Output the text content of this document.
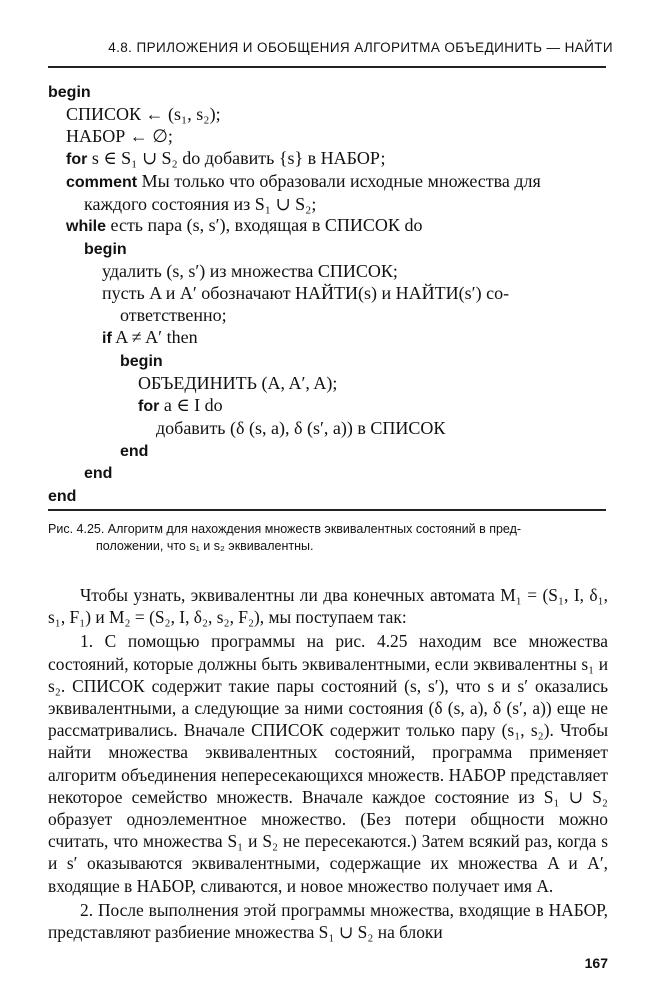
4.8. ПРИЛОЖЕНИЯ И ОБОБЩЕНИЯ АЛГОРИТМА ОБЪЕДИНИТЬ — НАЙТИ
begin
СПИСОК ← (s₁, s₂);
НАБОР ← ∅;
for s ∈ S₁ ∪ S₂ do добавить {s} в НАБОР;
comment Мы только что образовали исходные множества для
каждого состояния из S₁ ∪ S₂;
while есть пара (s, s′), входящая в СПИСОК do
begin
удалить (s, s′) из множества СПИСОК;
пусть A и A′ обозначают НАЙТИ(s) и НАЙТИ(s′) со-
ответственно;
if A ≠ A′ then
begin
ОБЪЕДИНИТЬ (A, A′, A);
for a ∈ I do
добавить (δ (s, a), δ (s′, a)) в СПИСОК
end
end
end
Рис. 4.25. Алгоритм для нахождения множеств эквивалентных состояний в пред-
положении, что s₁ и s₂ эквивалентны.

Чтобы узнать, эквивалентны ли два конечных автомата M₁ = (S₁, I, δ₁, s₁, F₁) и M₂ = (S₂, I, δ₂, s₂, F₂), мы поступаем так:

1. С помощью программы на рис. 4.25 находим все множества состояний, которые должны быть эквивалентными, если эквивалентны s₁ и s₂. СПИСОК содержит такие пары состояний (s, s′), что s и s′ оказались эквивалентными, а следующие за ними состояния (δ (s, a), δ (s′, a)) еще не рассматривались. Вначале СПИСОК содержит только пару (s₁, s₂). Чтобы найти множества эквивалентных состояний, программа применяет алгоритм объединения непересекающихся множеств. НАБОР представляет некоторое семейство множеств. Вначале каждое состояние из S₁ ∪ S₂ образует одноэлементное множество. (Без потери общности можно считать, что множества S₁ и S₂ не пересекаются.) Затем всякий раз, когда s и s′ оказываются эквивалентными, содержащие их множества A и A′, входящие в НАБОР, сливаются, и новое множество получает имя A.

2. После выполнения этой программы множества, входящие в НАБОР, представляют разбиение множества S₁ ∪ S₂ на блоки

167
